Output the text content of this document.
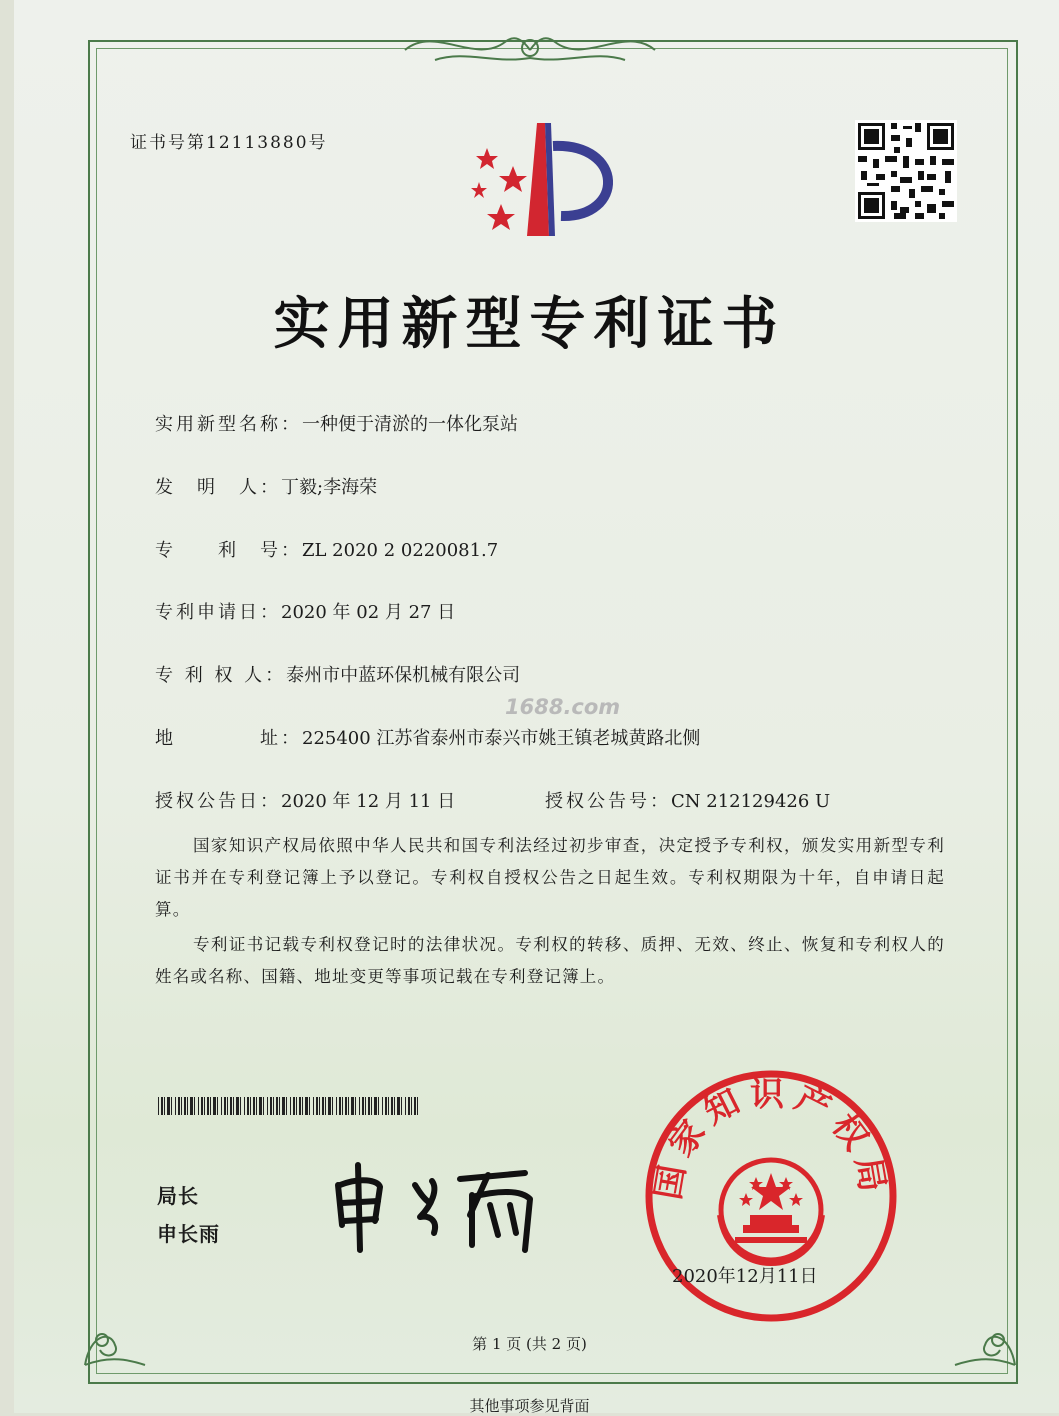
证书号第12113880号
实用新型专利证书
实用新型名称：一种便于清淤的一体化泵站
发　明　人：丁毅;李海荣
专　　利　号：ZL 2020 2 0220081.7
专利申请日：2020 年 02 月 27 日
专 利 权 人：泰州市中蓝环保机械有限公司
1688.com
地　　　　址：225400 江苏省泰州市泰兴市姚王镇老城黄路北侧
授权公告日：2020 年 12 月 11 日	授权公告号：CN 212129426 U

国家知识产权局依照中华人民共和国专利法经过初步审查，决定授予专利权，颁发实用新型专利证书并在专利登记簿上予以登记。专利权自授权公告之日起生效。专利权期限为十年，自申请日起算。

专利证书记载专利权登记时的法律状况。专利权的转移、质押、无效、终止、恢复和专利权人的姓名或名称、国籍、地址变更等事项记载在专利登记簿上。

局长
申长雨
国家知识产权局
2020年12月11日
第 1 页 (共 2 页)
其他事项参见背面
